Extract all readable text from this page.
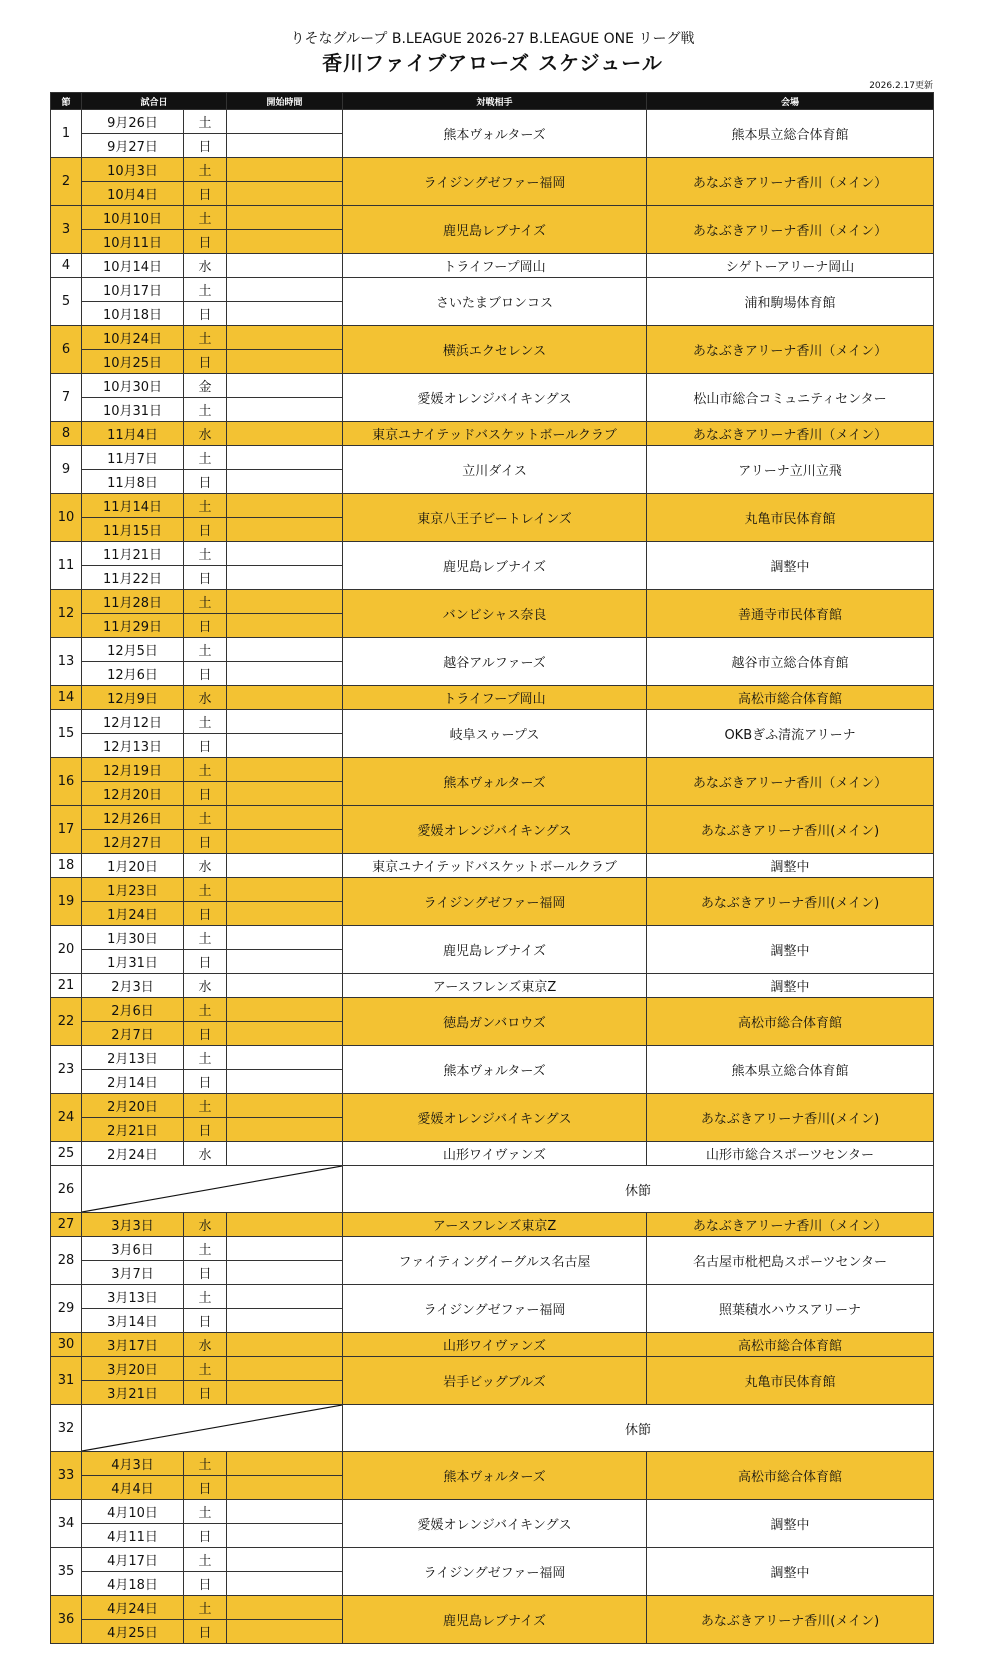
りそなグループ B.LEAGUE 2026-27 B.LEAGUE ONE リーグ戦
香川ファイブアローズ スケジュール
2026.2.17更新
節	試合日		開始時間	対戦相手	会場
1	9月26日	土		熊本ヴォルターズ	熊本県立総合体育館
	9月27日	日			
2	10月3日	土		ライジングゼファー福岡	あなぶきアリーナ香川（メイン）
	10月4日	日			
3	10月10日	土		鹿児島レブナイズ	あなぶきアリーナ香川（メイン）
	10月11日	日			
4	10月14日	水		トライフープ岡山	シゲトーアリーナ岡山
5	10月17日	土		さいたまブロンコス	浦和駒場体育館
	10月18日	日			
6	10月24日	土		横浜エクセレンス	あなぶきアリーナ香川（メイン）
	10月25日	日			
7	10月30日	金		愛媛オレンジバイキングス	松山市総合コミュニティセンター
	10月31日	土			
8	11月4日	水		東京ユナイテッドバスケットボールクラブ	あなぶきアリーナ香川（メイン）
9	11月7日	土		立川ダイス	アリーナ立川立飛
	11月8日	日			
10	11月14日	土		東京八王子ビートレインズ	丸亀市民体育館
	11月15日	日			
11	11月21日	土		鹿児島レブナイズ	調整中
	11月22日	日			
12	11月28日	土		バンビシャス奈良	善通寺市民体育館
	11月29日	日			
13	12月5日	土		越谷アルファーズ	越谷市立総合体育館
	12月6日	日			
14	12月9日	水		トライフープ岡山	高松市総合体育館
15	12月12日	土		岐阜スゥープス	OKBぎふ清流アリーナ
	12月13日	日			
16	12月19日	土		熊本ヴォルターズ	あなぶきアリーナ香川（メイン）
	12月20日	日			
17	12月26日	土		愛媛オレンジバイキングス	あなぶきアリーナ香川(メイン)
	12月27日	日			
18	1月20日	水		東京ユナイテッドバスケットボールクラブ	調整中
19	1月23日	土		ライジングゼファー福岡	あなぶきアリーナ香川(メイン)
	1月24日	日			
20	1月30日	土		鹿児島レブナイズ	調整中
	1月31日	日			
21	2月3日	水		アースフレンズ東京Z	調整中
22	2月6日	土		徳島ガンバロウズ	高松市総合体育館
	2月7日	日			
23	2月13日	土		熊本ヴォルターズ	熊本県立総合体育館
	2月14日	日			
24	2月20日	土		愛媛オレンジバイキングス	あなぶきアリーナ香川(メイン)
	2月21日	日			
25	2月24日	水		山形ワイヴァンズ	山形市総合スポーツセンター
26				休節	
27	3月3日	水		アースフレンズ東京Z	あなぶきアリーナ香川（メイン）
28	3月6日	土		ファイティングイーグルス名古屋	名古屋市枇杷島スポーツセンター
	3月7日	日			
29	3月13日	土		ライジングゼファー福岡	照葉積水ハウスアリーナ
	3月14日	日			
30	3月17日	水		山形ワイヴァンズ	高松市総合体育館
31	3月20日	土		岩手ビッグブルズ	丸亀市民体育館
	3月21日	日			
32				休節	
33	4月3日	土		熊本ヴォルターズ	高松市総合体育館
	4月4日	日			
34	4月10日	土		愛媛オレンジバイキングス	調整中
	4月11日	日			
35	4月17日	土		ライジングゼファー福岡	調整中
	4月18日	日			
36	4月24日	土		鹿児島レブナイズ	あなぶきアリーナ香川(メイン)
	4月25日	日			
